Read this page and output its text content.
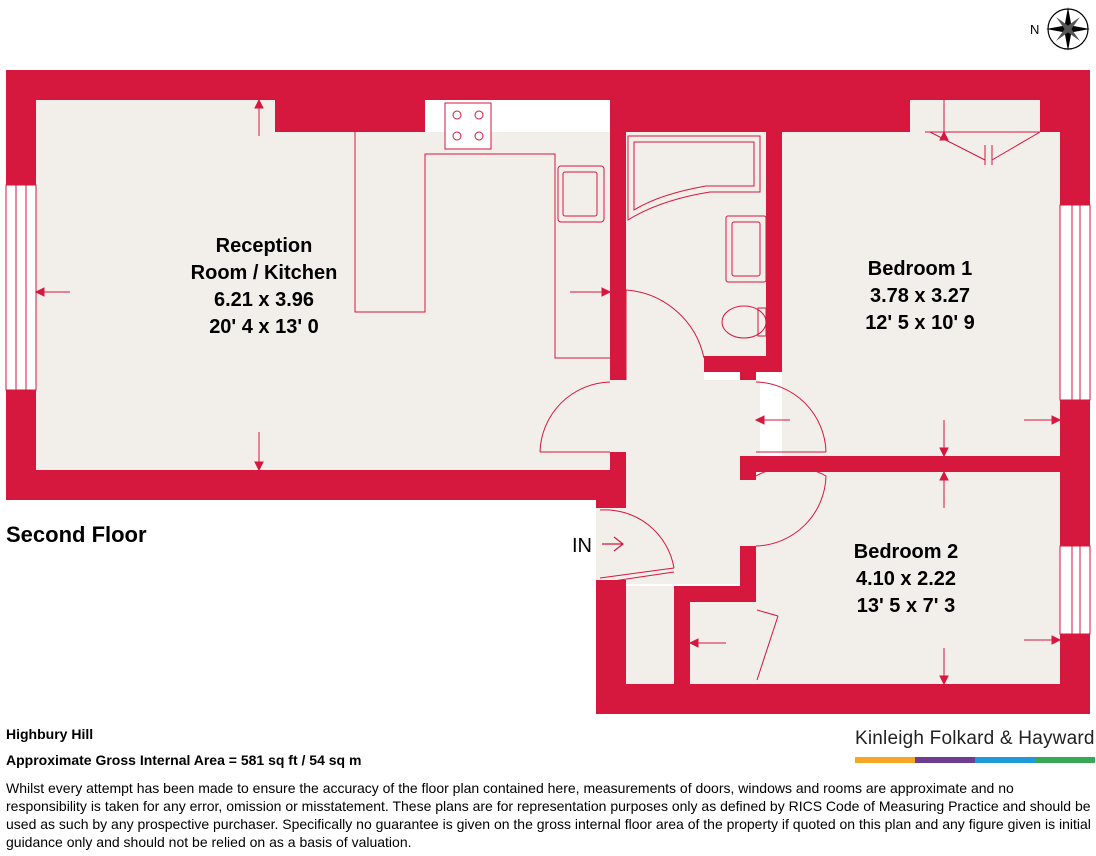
Reception
Room / Kitchen
6.21 x 3.96
20' 4 x 13' 0
Bedroom 1
3.78 x 3.27
12' 5 x 10' 9
Bedroom 2
4.10 x 2.22
13' 5 x 7' 3
IN
N
Second Floor
Highbury Hill
Approximate Gross Internal Area = 581 sq ft / 54 sq m
Whilst every attempt has been made to ensure the accuracy of the floor plan contained here, measurements of doors, windows and rooms are approximate and no responsibility is taken for any error, omission or misstatement. These plans are for representation purposes only as defined by RICS Code of Measuring Practice and should be used as such by any prospective purchaser. Specifically no guarantee is given on the gross internal floor area of the property if quoted on this plan and any figure given is initial guidance only and should not be relied on as a basis of valuation.
Kinleigh Folkard & Hayward
